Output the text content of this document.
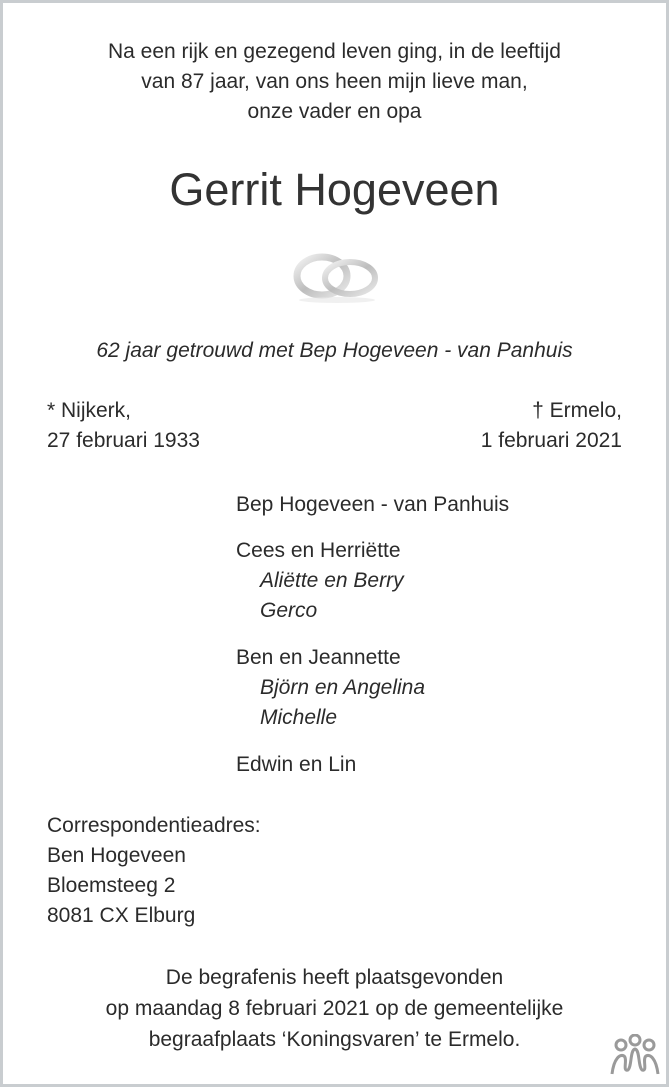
Na een rijk en gezegend leven ging, in de leeftijd
van 87 jaar, van ons heen mijn lieve man,
onze vader en opa
Gerrit Hogeveen
62 jaar getrouwd met Bep Hogeveen - van Panhuis
* Nijkerk,
27 februari 1933
† Ermelo,
1 februari 2021
Bep Hogeveen - van Panhuis
Cees en Herriëtte
Aliëtte en Berry
Gerco
Ben en Jeannette
Björn en Angelina
Michelle
Edwin en Lin
Correspondentieadres:
Ben Hogeveen
Bloemsteeg 2
8081 CX Elburg
De begrafenis heeft plaatsgevonden
op maandag 8 februari 2021 op de gemeentelijke
begraafplaats ‘Koningsvaren’ te Ermelo.
